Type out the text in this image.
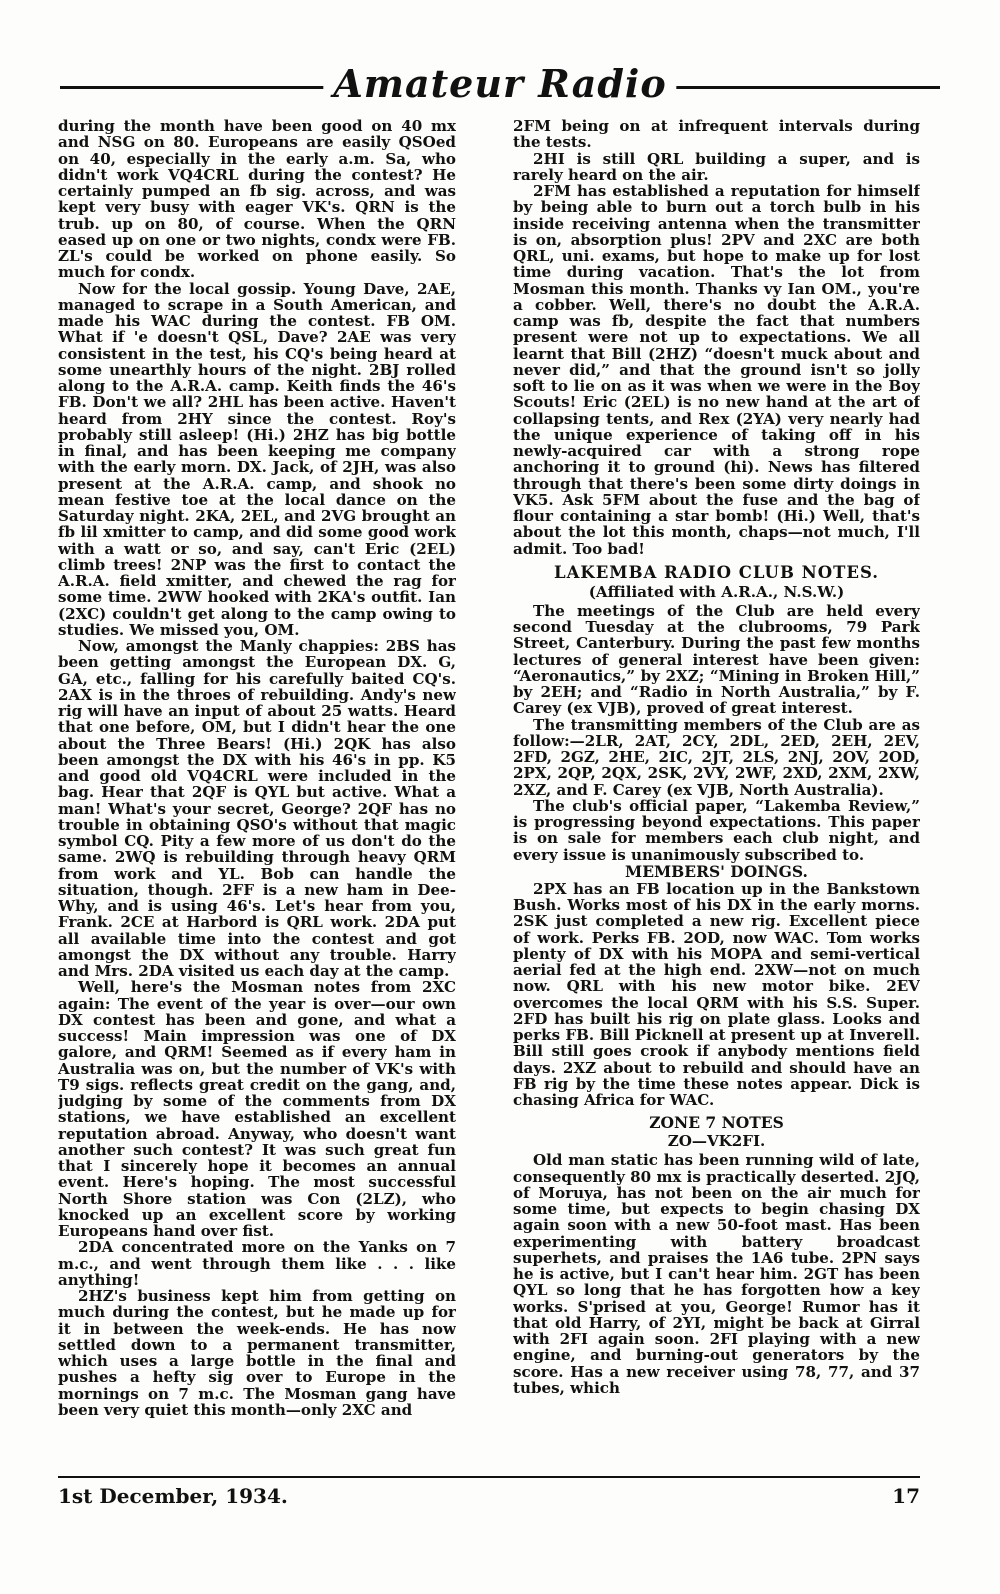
Amateur Radio

during the month have been good on 40 mx and NSG on 80. Europeans are easily QSOed on 40, especially in the early a.m. Sa, who didn't work VQ4CRL during the contest? He certainly pumped an fb sig. across, and was kept very busy with eager VK's. QRN is the trub. up on 80, of course. When the QRN eased up on one or two nights, condx were FB. ZL's could be worked on phone easily. So much for condx.

Now for the local gossip. Young Dave, 2AE, managed to scrape in a South American, and made his WAC during the contest. FB OM. What if 'e doesn't QSL, Dave? 2AE was very consistent in the test, his CQ's being heard at some unearthly hours of the night. 2BJ rolled along to the A.R.A. camp. Keith finds the 46's FB. Don't we all? 2HL has been active. Haven't heard from 2HY since the contest. Roy's probably still asleep! (Hi.) 2HZ has big bottle in final, and has been keeping me company with the early morn. DX. Jack, of 2JH, was also present at the A.R.A. camp, and shook no mean festive toe at the local dance on the Saturday night. 2KA, 2EL, and 2VG brought an fb lil xmitter to camp, and did some good work with a watt or so, and say, can't Eric (2EL) climb trees! 2NP was the first to contact the A.R.A. field xmitter, and chewed the rag for some time. 2WW hooked with 2KA's outfit. Ian (2XC) couldn't get along to the camp owing to studies. We missed you, OM.

Now, amongst the Manly chappies: 2BS has been getting amongst the European DX. G, GA, etc., falling for his carefully baited CQ's. 2AX is in the throes of rebuilding. Andy's new rig will have an input of about 25 watts. Heard that one before, OM, but I didn't hear the one about the Three Bears! (Hi.) 2QK has also been amongst the DX with his 46's in pp. K5 and good old VQ4CRL were included in the bag. Hear that 2QF is QYL but active. What a man! What's your secret, George? 2QF has no trouble in obtaining QSO's without that magic symbol CQ. Pity a few more of us don't do the same. 2WQ is rebuilding through heavy QRM from work and YL. Bob can handle the situation, though. 2FF is a new ham in Dee-Why, and is using 46's. Let's hear from you, Frank. 2CE at Harbord is QRL work. 2DA put all available time into the contest and got amongst the DX without any trouble. Harry and Mrs. 2DA visited us each day at the camp.

Well, here's the Mosman notes from 2XC again: The event of the year is over—our own DX contest has been and gone, and what a success! Main impression was one of DX galore, and QRM! Seemed as if every ham in Australia was on, but the number of VK's with T9 sigs. reflects great credit on the gang, and, judging by some of the comments from DX stations, we have established an excellent reputation abroad. Anyway, who doesn't want another such contest? It was such great fun that I sincerely hope it becomes an annual event. Here's hoping. The most successful North Shore station was Con (2LZ), who knocked up an excellent score by working Europeans hand over fist.

2DA concentrated more on the Yanks on 7 m.c., and went through them like . . . like anything!

2HZ's business kept him from getting on much during the contest, but he made up for it in between the week-ends. He has now settled down to a permanent transmitter, which uses a large bottle in the final and pushes a hefty sig over to Europe in the mornings on 7 m.c. The Mosman gang have been very quiet this month—only 2XC and

2FM being on at infrequent intervals during the tests.

2HI is still QRL building a super, and is rarely heard on the air.

2FM has established a reputation for himself by being able to burn out a torch bulb in his inside receiving antenna when the transmitter is on, absorption plus! 2PV and 2XC are both QRL, uni. exams, but hope to make up for lost time during vacation. That's the lot from Mosman this month. Thanks vy Ian OM., you're a cobber. Well, there's no doubt the A.R.A. camp was fb, despite the fact that numbers present were not up to expectations. We all learnt that Bill (2HZ) “doesn't muck about and never did,” and that the ground isn't so jolly soft to lie on as it was when we were in the Boy Scouts! Eric (2EL) is no new hand at the art of collapsing tents, and Rex (2YA) very nearly had the unique experience of taking off in his newly-acquired car with a strong rope anchoring it to ground (hi). News has filtered through that there's been some dirty doings in VK5. Ask 5FM about the fuse and the bag of flour containing a star bomb! (Hi.) Well, that's about the lot this month, chaps—not much, I'll admit. Too bad!

LAKEMBA RADIO CLUB NOTES.
(Affiliated with A.R.A., N.S.W.)

The meetings of the Club are held every second Tuesday at the clubrooms, 79 Park Street, Canterbury. During the past few months lectures of general interest have been given: “Aeronautics,” by 2XZ; “Mining in Broken Hill,” by 2EH; and “Radio in North Australia,” by F. Carey (ex VJB), proved of great interest.

The transmitting members of the Club are as follow:—2LR, 2AT, 2CY, 2DL, 2ED, 2EH, 2EV, 2FD, 2GZ, 2HE, 2IC, 2JT, 2LS, 2NJ, 2OV, 2OD, 2PX, 2QP, 2QX, 2SK, 2VY, 2WF, 2XD, 2XM, 2XW, 2XZ, and F. Carey (ex VJB, North Australia).

The club's official paper, “Lakemba Review,” is progressing beyond expectations. This paper is on sale for members each club night, and every issue is unanimously subscribed to.

MEMBERS' DOINGS.

2PX has an FB location up in the Bankstown Bush. Works most of his DX in the early morns. 2SK just completed a new rig. Excellent piece of work. Perks FB. 2OD, now WAC. Tom works plenty of DX with his MOPA and semi-vertical aerial fed at the high end. 2XW—not on much now. QRL with his new motor bike. 2EV overcomes the local QRM with his S.S. Super. 2FD has built his rig on plate glass. Looks and perks FB. Bill Picknell at present up at Inverell. Bill still goes crook if anybody mentions field days. 2XZ about to rebuild and should have an FB rig by the time these notes appear. Dick is chasing Africa for WAC.

ZONE 7 NOTES
ZO—VK2FI.

Old man static has been running wild of late, consequently 80 mx is practically deserted. 2JQ, of Moruya, has not been on the air much for some time, but expects to begin chasing DX again soon with a new 50-foot mast. Has been experimenting with battery broadcast superhets, and praises the 1A6 tube. 2PN says he is active, but I can't hear him. 2GT has been QYL so long that he has forgotten how a key works. S'prised at you, George! Rumor has it that old Harry, of 2YI, might be back at Girral with 2FI again soon. 2FI playing with a new engine, and burning-out generators by the score. Has a new receiver using 78, 77, and 37 tubes, which

1st December, 1934.	17
